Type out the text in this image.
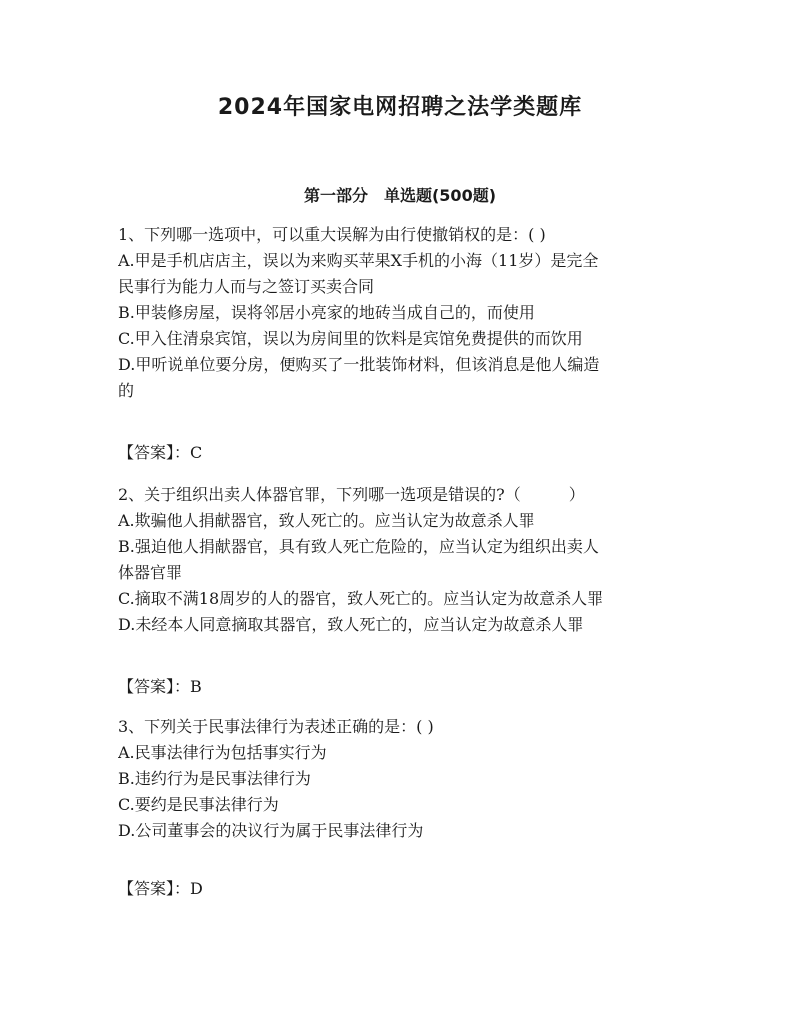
2024年国家电网招聘之法学类题库
第一部分　单选题(500题)
1、下列哪一选项中，可以重大误解为由行使撤销权的是：( )
A.甲是手机店店主，误以为来购买苹果X手机的小海（11岁）是完全
民事行为能力人而与之签订买卖合同
B.甲装修房屋，误将邻居小亮家的地砖当成自己的，而使用
C.甲入住清泉宾馆，误以为房间里的饮料是宾馆免费提供的而饮用
D.甲听说单位要分房，便购买了一批装饰材料，但该消息是他人编造
的
【答案】：C
2、关于组织出卖人体器官罪，下列哪一选项是错误的?（　　　）
A.欺骗他人捐献器官，致人死亡的。应当认定为故意杀人罪
B.强迫他人捐献器官，具有致人死亡危险的，应当认定为组织出卖人
体器官罪
C.摘取不满18周岁的人的器官，致人死亡的。应当认定为故意杀人罪
D.未经本人同意摘取其器官，致人死亡的，应当认定为故意杀人罪
【答案】：B
3、下列关于民事法律行为表述正确的是：( )
A.民事法律行为包括事实行为
B.违约行为是民事法律行为
C.要约是民事法律行为
D.公司董事会的决议行为属于民事法律行为
【答案】：D
